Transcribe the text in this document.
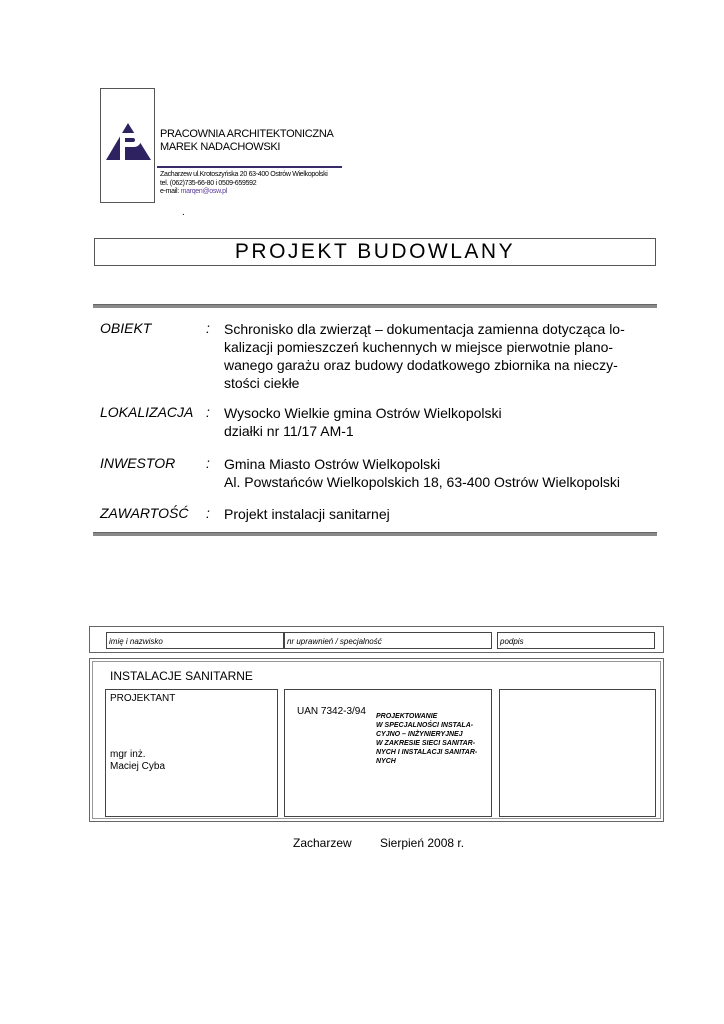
PRACOWNIA ARCHITEKTONICZNA
MAREK NADACHOWSKI
Zacharzew ul.Krotoszyńska 20 63-400 Ostrów Wielkopolski
tel. (062)735-66-80 i 0509-659592
e-mail: marqen@osw.pl
.
PROJEKT BUDOWLANY
OBIEKT	: Schronisko dla zwierząt – dokumentacja zamienna dotycząca lo-
kalizacji pomieszczeń kuchennych w miejsce pierwotnie plano-
wanego garażu oraz budowy dodatkowego zbiornika na nieczy-
stości ciekłe
LOKALIZACJA : Wysocko Wielkie gmina Ostrów Wielkopolski
działki nr 11/17 AM-1
INWESTOR : Gmina Miasto Ostrów Wielkopolski
Al. Powstańców Wielkopolskich 18, 63-400 Ostrów Wielkopolski
ZAWARTOŚĆ : Projekt instalacji sanitarnej
imię i nazwisko	nr uprawnień / specjalność	podpis
INSTALACJE SANITARNE
PROJEKTANT
mgr inż.
Maciej Cyba
UAN 7342-3/94 PROJEKTOWANIE
W SPECJALNOŚCI INSTALA-
CYJNO – INŻYNIERYJNEJ
W ZAKRESIE SIECI SANITAR-
NYCH I INSTALACJI SANITAR-
NYCH
Zacharzew Sierpień 2008 r.
